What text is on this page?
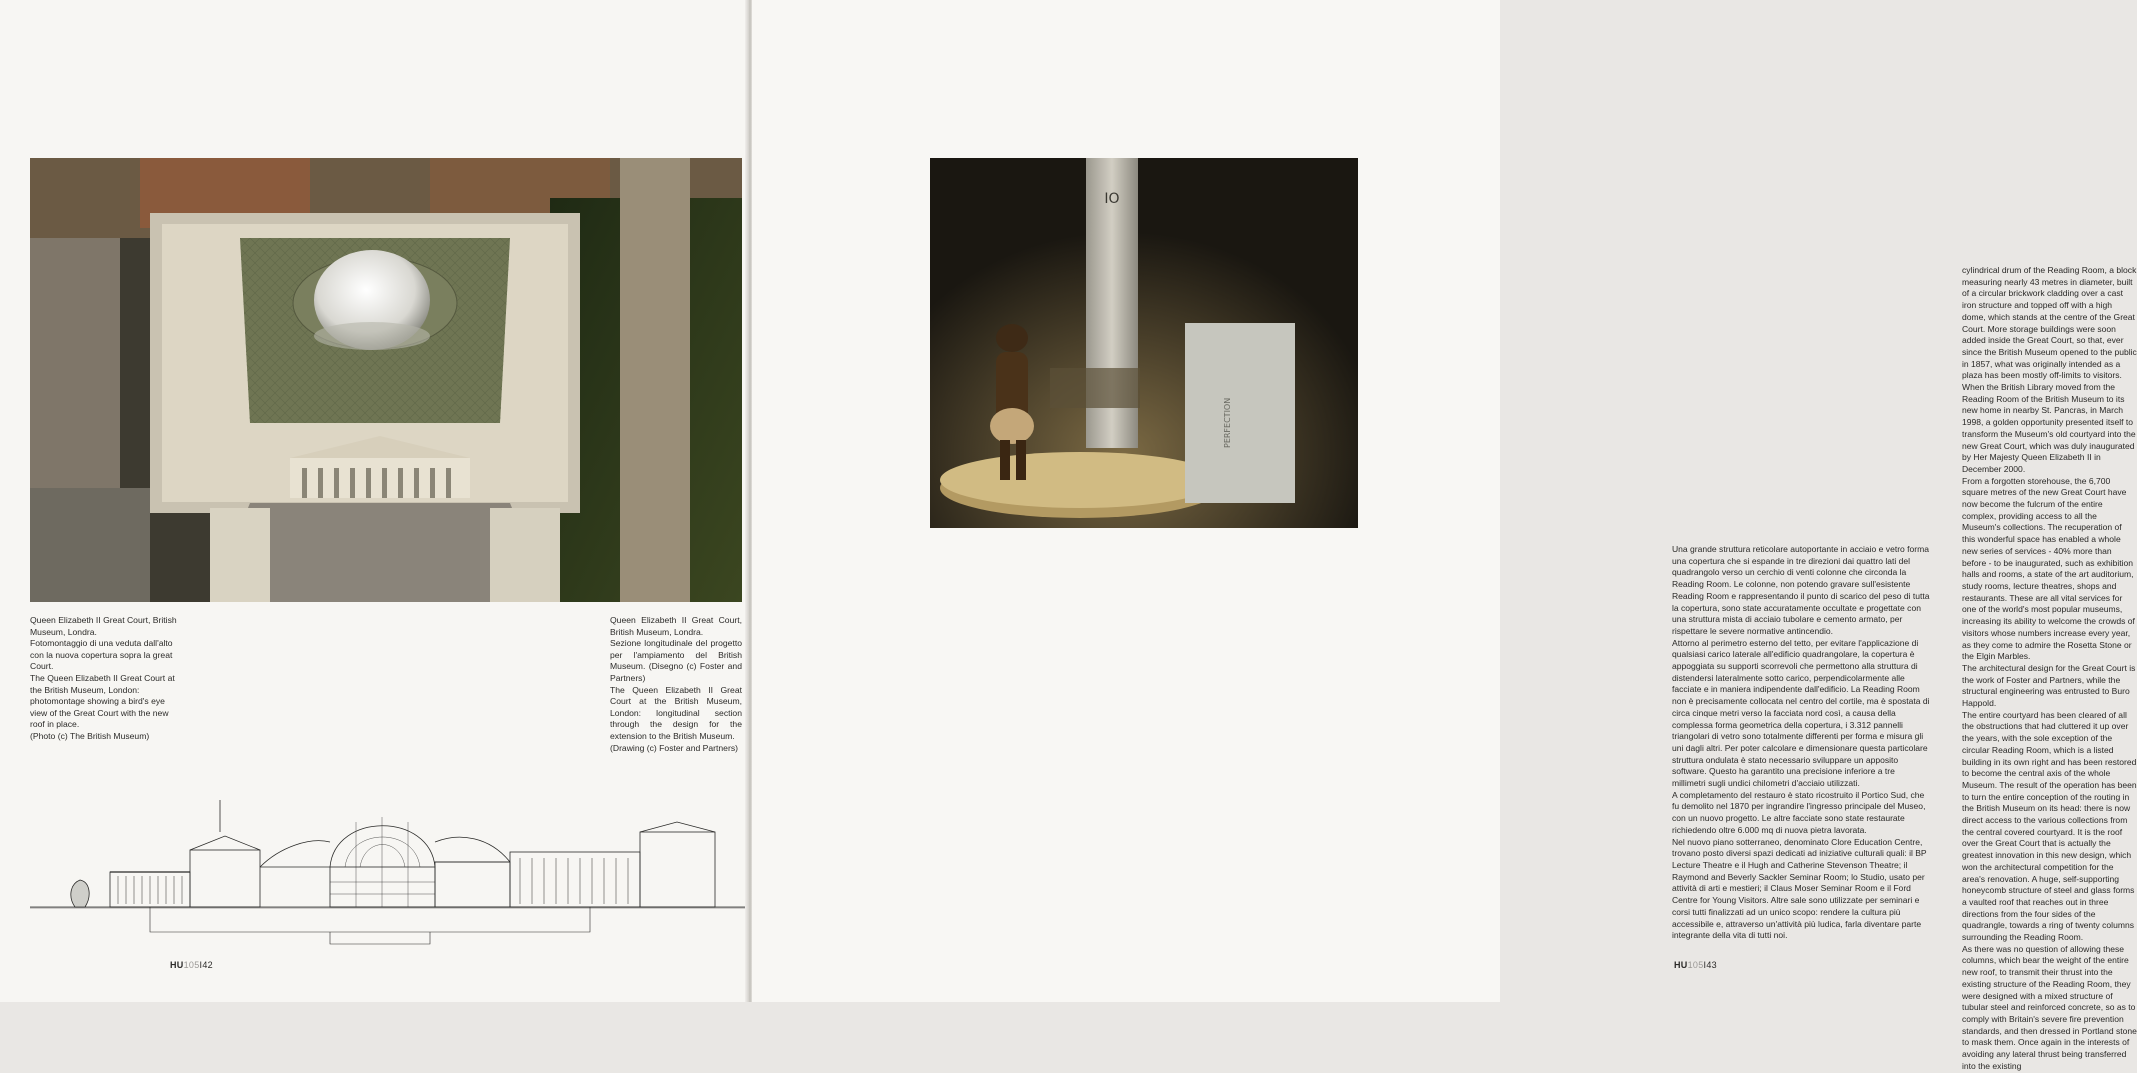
Queen Elizabeth II Great Court, British Museum, Londra.

Fotomontaggio di una veduta dall'alto con la nuova copertura sopra la great Court.

The Queen Elizabeth II Great Court at the British Museum, London: photomontage showing a bird's eye view of the Great Court with the new roof in place.

(Photo (c) The British Museum)

Queen Elizabeth II Great Court, British Museum, Londra.

Sezione longitudinale del progetto per l'ampiamento del British Museum. (Disegno (c) Foster and Partners)

The Queen Elizabeth II Great Court at the British Museum, London: longitudinal section through the design for the extension to the British Museum.

(Drawing (c) Foster and Partners)

HU105I42
IO
PERFECTION

Una grande struttura reticolare autoportante in acciaio e vetro forma una copertura che si espande in tre direzioni dai quattro lati del quadrangolo verso un cerchio di venti colonne che circonda la Reading Room. Le colonne, non potendo gravare sull'esistente Reading Room e rappresentando il punto di scarico del peso di tutta la copertura, sono state accuratamente occultate e progettate con una struttura mista di acciaio tubolare e cemento armato, per rispettare le severe normative antincendio.

Attorno al perimetro esterno del tetto, per evitare l'applicazione di qualsiasi carico laterale all'edificio quadrangolare, la copertura è appoggiata su supporti scorrevoli che permettono alla struttura di distendersi lateralmente sotto carico, perpendicolarmente alle facciate e in maniera indipendente dall'edificio. La Reading Room non è precisamente collocata nel centro del cortile, ma è spostata di circa cinque metri verso la facciata nord così, a causa della complessa forma geometrica della copertura, i 3.312 pannelli triangolari di vetro sono totalmente differenti per forma e misura gli uni dagli altri. Per poter calcolare e dimensionare questa particolare struttura ondulata è stato necessario sviluppare un apposito software. Questo ha garantito una precisione inferiore a tre millimetri sugli undici chilometri d'acciaio utilizzati.

A completamento del restauro è stato ricostruito il Portico Sud, che fu demolito nel 1870 per ingrandire l'ingresso principale del Museo, con un nuovo progetto. Le altre facciate sono state restaurate richiedendo oltre 6.000 mq di nuova pietra lavorata.

Nel nuovo piano sotterraneo, denominato Clore Education Centre, trovano posto diversi spazi dedicati ad iniziative culturali quali: il BP Lecture Theatre e il Hugh and Catherine Stevenson Theatre; il Raymond and Beverly Sackler Seminar Room; lo Studio, usato per attività di arti e mestieri; il Claus Moser Seminar Room e il Ford Centre for Young Visitors. Altre sale sono utilizzate per seminari e corsi tutti finalizzati ad un unico scopo: rendere la cultura più accessibile e, attraverso un'attività più ludica, farla diventare parte integrante della vita di tutti noi.

cylindrical drum of the Reading Room, a block measuring nearly 43 metres in diameter, built of a circular brickwork cladding over a cast iron structure and topped off with a high dome, which stands at the centre of the Great Court. More storage buildings were soon added inside the Great Court, so that, ever since the British Museum opened to the public in 1857, what was originally intended as a plaza has been mostly off-limits to visitors. When the British Library moved from the Reading Room of the British Museum to its new home in nearby St. Pancras, in March 1998, a golden opportunity presented itself to transform the Museum's old courtyard into the new Great Court, which was duly inaugurated by Her Majesty Queen Elizabeth II in December 2000.

From a forgotten storehouse, the 6,700 square metres of the new Great Court have now become the fulcrum of the entire complex, providing access to all the Museum's collections. The recuperation of this wonderful space has enabled a whole new series of services - 40% more than before - to be inaugurated, such as exhibition halls and rooms, a state of the art auditorium, study rooms, lecture theatres, shops and restaurants. These are all vital services for one of the world's most popular museums, increasing its ability to welcome the crowds of visitors whose numbers increase every year, as they come to admire the Rosetta Stone or the Elgin Marbles.

The architectural design for the Great Court is the work of Foster and Partners, while the structural engineering was entrusted to Buro Happold.

The entire courtyard has been cleared of all the obstructions that had cluttered it up over the years, with the sole exception of the circular Reading Room, which is a listed building in its own right and has been restored to become the central axis of the whole Museum. The result of the operation has been to turn the entire conception of the routing in the British Museum on its head: there is now direct access to the various collections from the central covered courtyard. It is the roof over the Great Court that is actually the greatest innovation in this new design, which won the architectural competition for the area's renovation. A huge, self-supporting honeycomb structure of steel and glass forms a vaulted roof that reaches out in three directions from the four sides of the quadrangle, towards a ring of twenty columns surrounding the Reading Room.

As there was no question of allowing these columns, which bear the weight of the entire new roof, to transmit their thrust into the existing structure of the Reading Room, they were designed with a mixed structure of tubular steel and reinforced concrete, so as to comply with Britain's severe fire prevention standards, and then dressed in Portland stone to mask them. Once again in the interests of avoiding any lateral thrust being transferred into the existing

HU105I43
